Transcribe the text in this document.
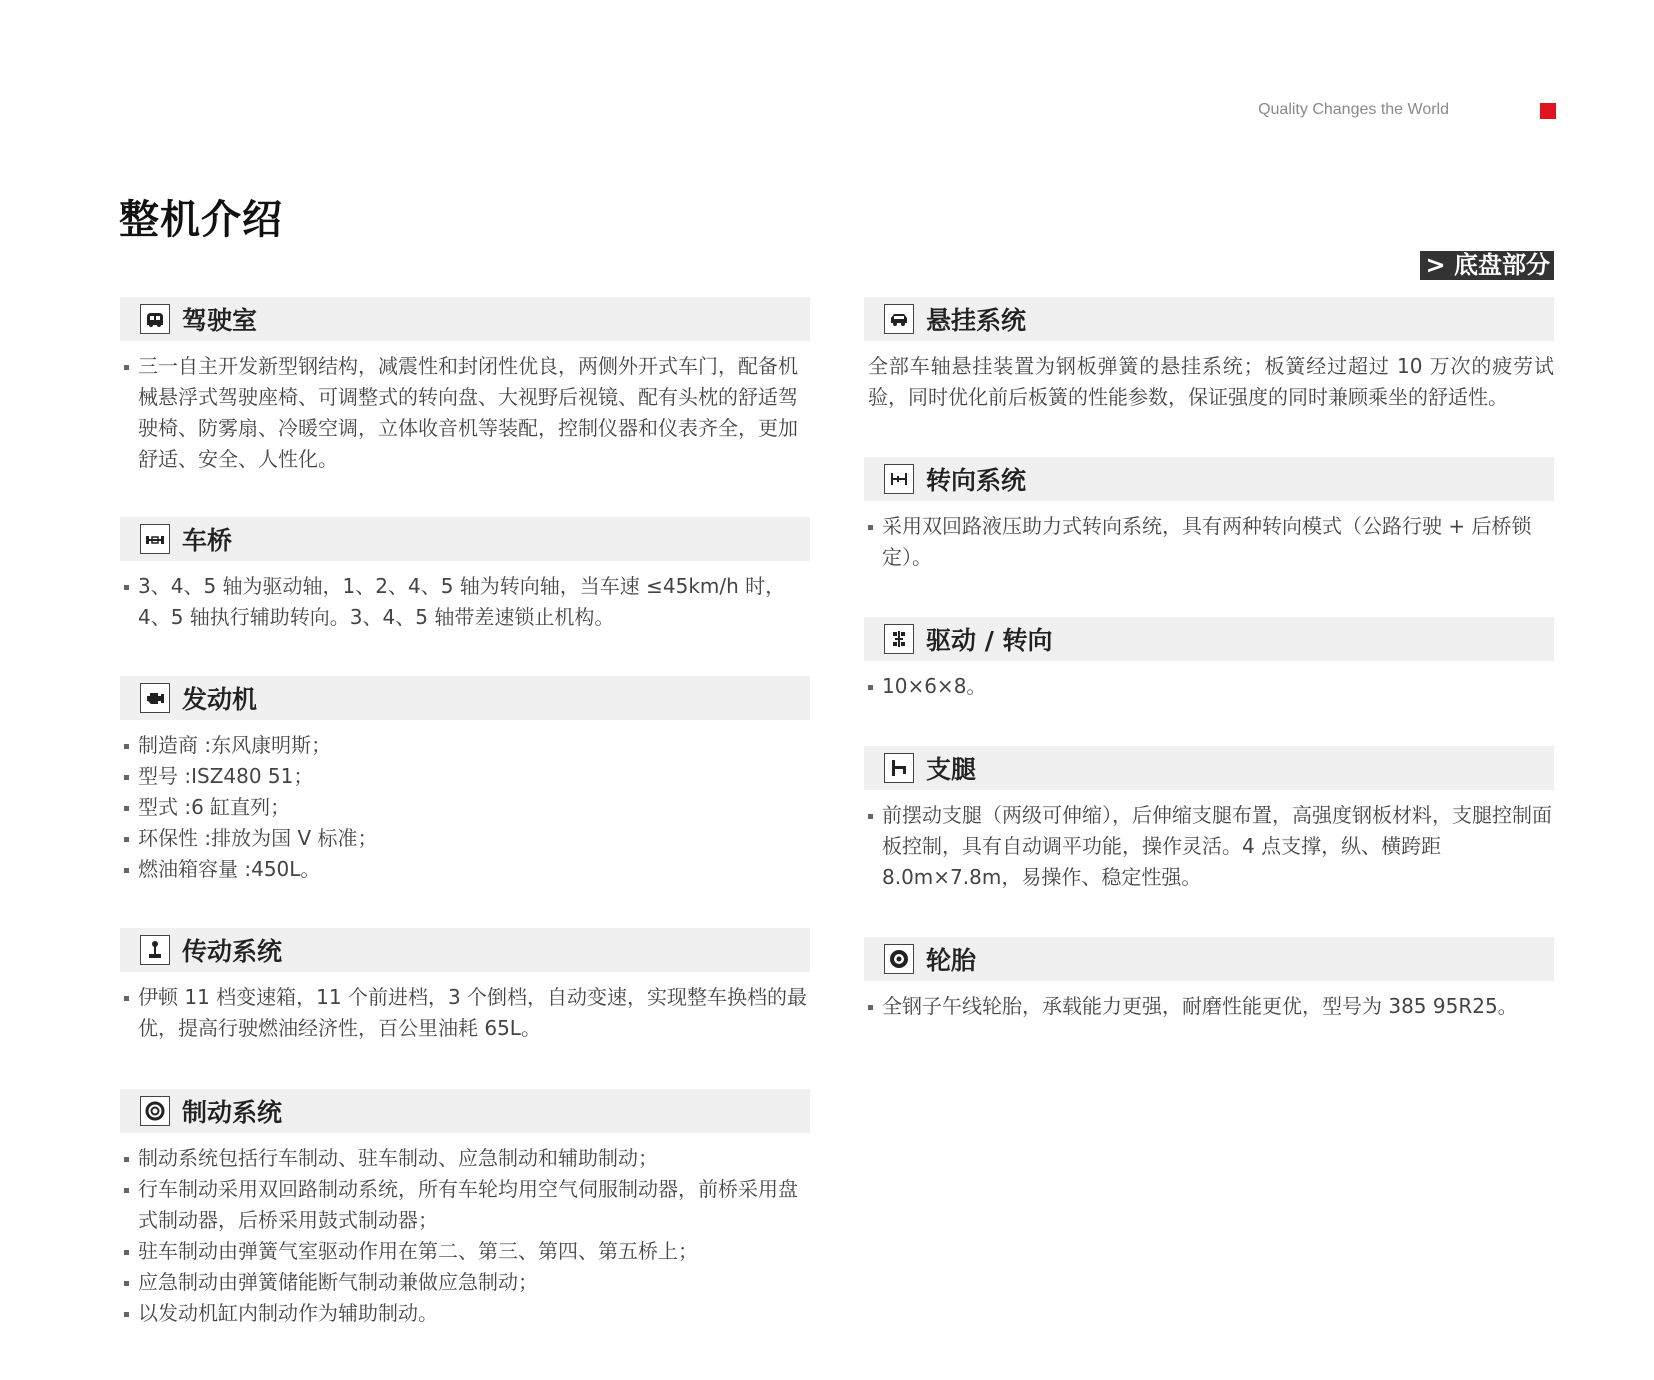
Quality Changes the World
整机介绍
> 底盘部分
驾驶室
三一自主开发新型钢结构，减震性和封闭性优良，两侧外开式车门，配备机械悬浮式驾驶座椅、可调整式的转向盘、大视野后视镜、配有头枕的舒适驾驶椅、防雾扇、冷暖空调，立体收音机等装配，控制仪器和仪表齐全，更加舒适、安全、人性化。
车桥
3、4、5 轴为驱动轴，1、2、4、5 轴为转向轴，当车速 ≤45km/h 时，4、5 轴执行辅助转向。3、4、5 轴带差速锁止机构。
发动机
制造商 :东风康明斯；
型号 :ISZ480 51；
型式 :6 缸直列；
环保性 :排放为国 V 标准；
燃油箱容量 :450L。
传动系统
伊顿 11 档变速箱，11 个前进档，3 个倒档，自动变速，实现整车换档的最优，提高行驶燃油经济性，百公里油耗 65L。
制动系统
制动系统包括行车制动、驻车制动、应急制动和辅助制动；
行车制动采用双回路制动系统，所有车轮均用空气伺服制动器，前桥采用盘式制动器，后桥采用鼓式制动器；
驻车制动由弹簧气室驱动作用在第二、第三、第四、第五桥上；
应急制动由弹簧储能断气制动兼做应急制动；
以发动机缸内制动作为辅助制动。
悬挂系统

全部车轴悬挂装置为钢板弹簧的悬挂系统；板簧经过超过 10 万次的疲劳试验，同时优化前后板簧的性能参数，保证强度的同时兼顾乘坐的舒适性。

转向系统
采用双回路液压助力式转向系统，具有两种转向模式（公路行驶 + 后桥锁定）。
驱动 / 转向
10×6×8。
支腿
前摆动支腿（两级可伸缩），后伸缩支腿布置，高强度钢板材料，支腿控制面板控制，具有自动调平功能，操作灵活。4 点支撑，纵、横跨距 8.0m×7.8m，易操作、稳定性强。
轮胎
全钢子午线轮胎，承载能力更强，耐磨性能更优，型号为 385 95R25。
